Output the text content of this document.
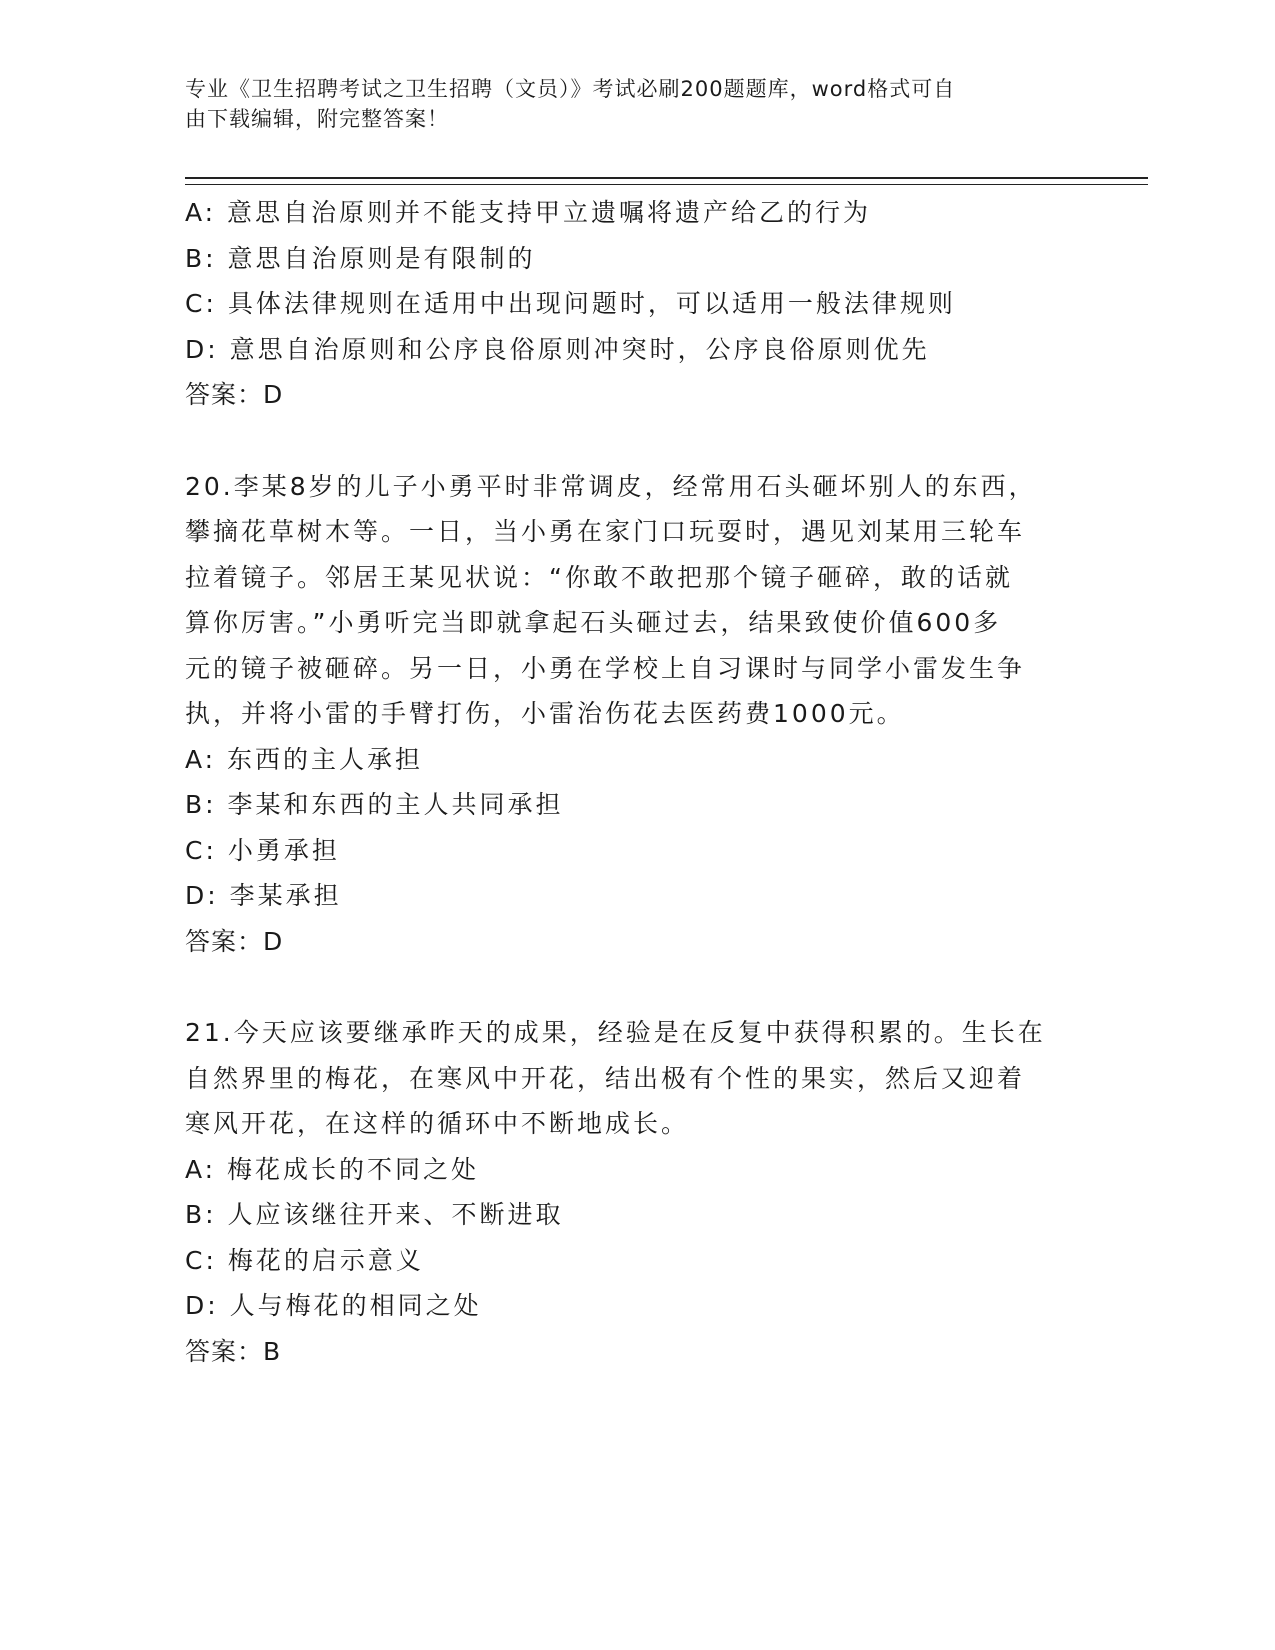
专业《卫生招聘考试之卫生招聘（文员）》考试必刷200题题库，word格式可自
由下载编辑，附完整答案！
A: 意思自治原则并不能支持甲立遗嘱将遗产给乙的行为
B: 意思自治原则是有限制的
C: 具体法律规则在适用中出现问题时，可以适用一般法律规则
D: 意思自治原则和公序良俗原则冲突时，公序良俗原则优先
答案：D
20.李某8岁的儿子小勇平时非常调皮，经常用石头砸坏别人的东西，
攀摘花草树木等。一日，当小勇在家门口玩耍时，遇见刘某用三轮车
拉着镜子。邻居王某见状说：“你敢不敢把那个镜子砸碎，敢的话就
算你厉害。”小勇听完当即就拿起石头砸过去，结果致使价值600多
元的镜子被砸碎。另一日，小勇在学校上自习课时与同学小雷发生争
执，并将小雷的手臂打伤，小雷治伤花去医药费1000元。
A: 东西的主人承担
B: 李某和东西的主人共同承担
C: 小勇承担
D: 李某承担
答案：D
21.今天应该要继承昨天的成果，经验是在反复中获得积累的。生长在
自然界里的梅花，在寒风中开花，结出极有个性的果实，然后又迎着
寒风开花，在这样的循环中不断地成长。
A: 梅花成长的不同之处
B: 人应该继往开来、不断进取
C: 梅花的启示意义
D: 人与梅花的相同之处
答案：B
